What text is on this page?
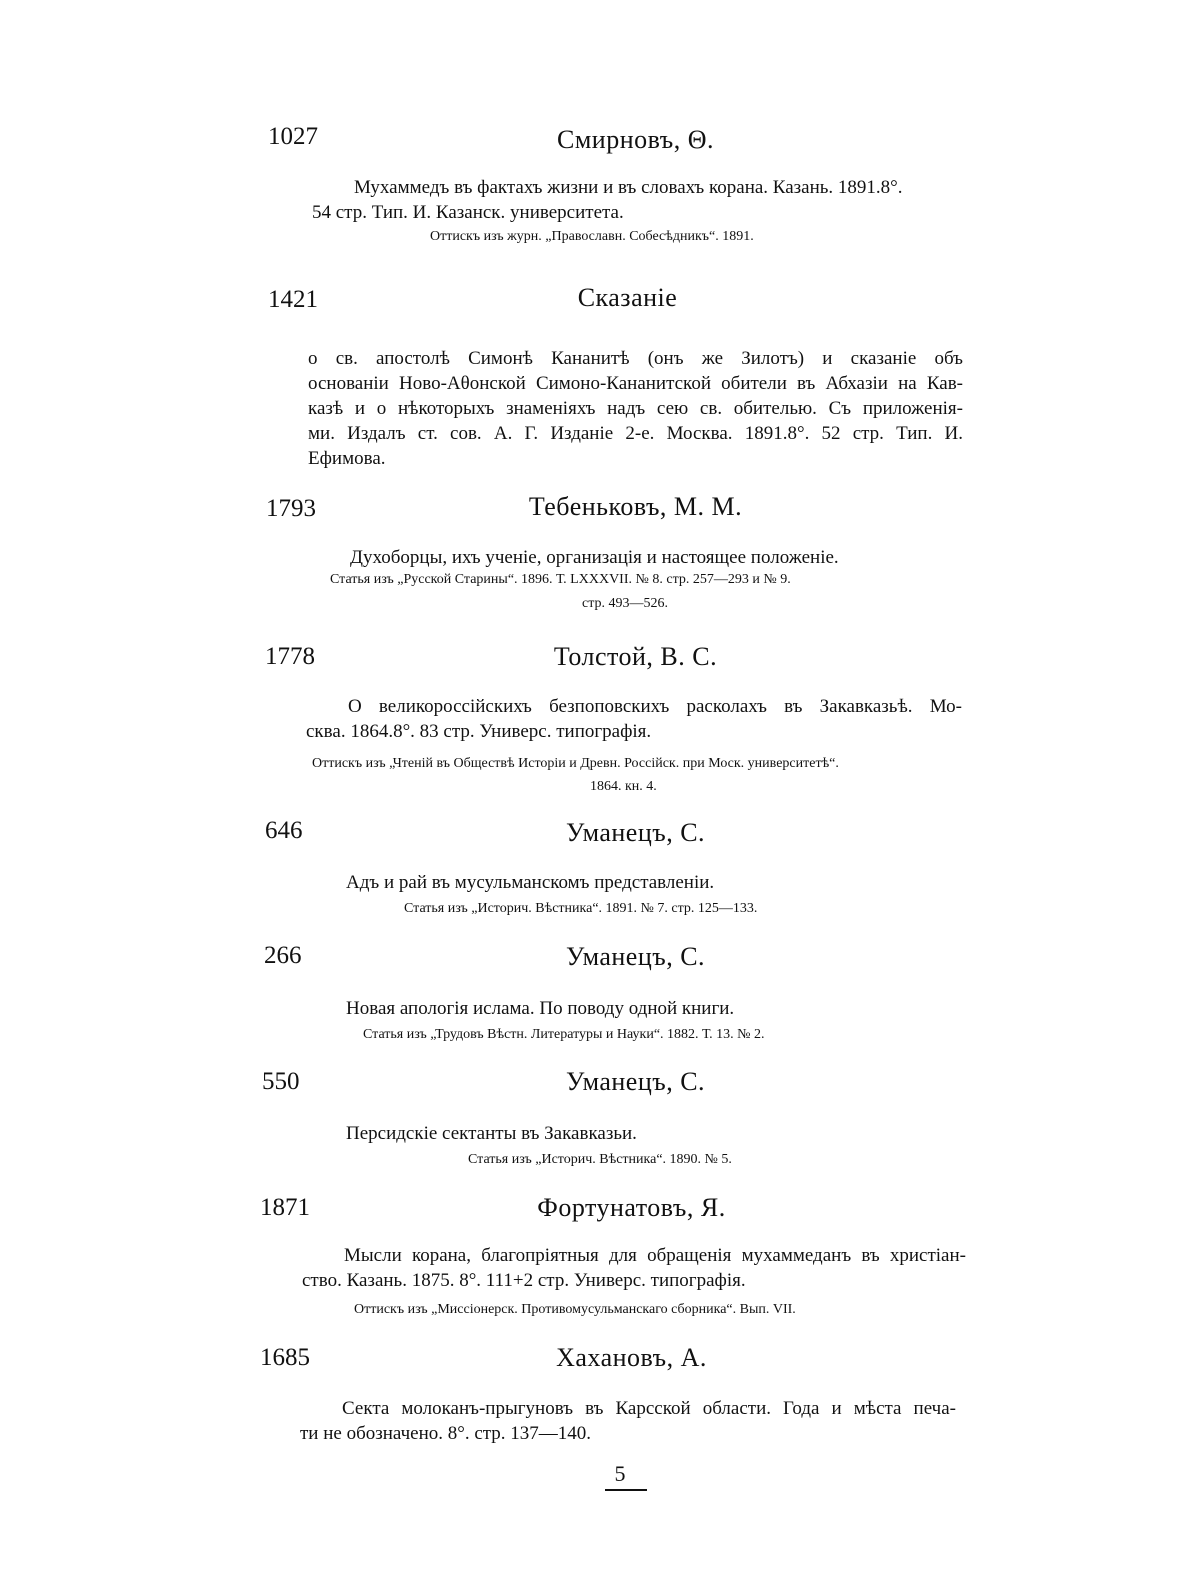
1027	Смирновъ, Θ.
Мухаммедъ въ фактахъ жизни и въ словахъ корана. Казань. 1891.8°.
54 стр. Тип. И. Казанск. университета.
Оттискъ изъ журн. „Православн. Собесѣдникъ“. 1891.
1421	Сказаніе
о св. апостолѣ Симонѣ Кананитѣ (онъ же Зилотъ) и сказаніе объ
основаніи Ново-Аθонской Симоно-Кананитской обители въ Абхазіи на Кав-
казѣ и о нѣкоторыхъ знаменіяхъ надъ сею св. обителью. Съ приложенія-
ми. Издалъ ст. сов. А. Г. Изданіе 2-е. Москва. 1891.8°. 52 стр. Тип. И.
Ефимова.
1793	Тебеньковъ, М. М.
Духоборцы, ихъ ученіе, организація и настоящее положеніе.
Статья изъ „Русской Старины“. 1896. Т. LXXXVII. № 8. стр. 257—293 и № 9.
стр. 493—526.
1778	Толстой, В. С.
О великороссійскихъ безпоповскихъ расколахъ въ Закавказьѣ. Мо-
сква. 1864.8°. 83 стр. Универс. типографія.
Оттискъ изъ „Чтеній въ Обществѣ Исторіи и Древн. Россійск. при Моск. университетѣ“.
1864. кн. 4.
646	Уманецъ, С.
Адъ и рай въ мусульманскомъ представленіи.
Статья изъ „Историч. Вѣстника“. 1891. № 7. стр. 125—133.
266	Уманецъ, С.
Новая апологія ислама. По поводу одной книги.
Статья изъ „Трудовъ Вѣстн. Литературы и Науки“. 1882. Т. 13. № 2.
550	Уманецъ, С.
Персидскіе сектанты въ Закавказьи.
Статья изъ „Историч. Вѣстника“. 1890. № 5.
1871	Фортунатовъ, Я.
Мысли корана, благопріятныя для обращенія мухаммеданъ въ христіан-
ство. Казань. 1875. 8°. 111+2 стр. Универс. типографія.
Оттискъ изъ „Миссіонерск. Противомусульманскаго сборника“. Вып. VII.
1685	Хахановъ, А.
Секта молоканъ-прыгуновъ въ Карсской области. Года и мѣста печа-
ти не обозначено. 8°. стр. 137—140.
5
